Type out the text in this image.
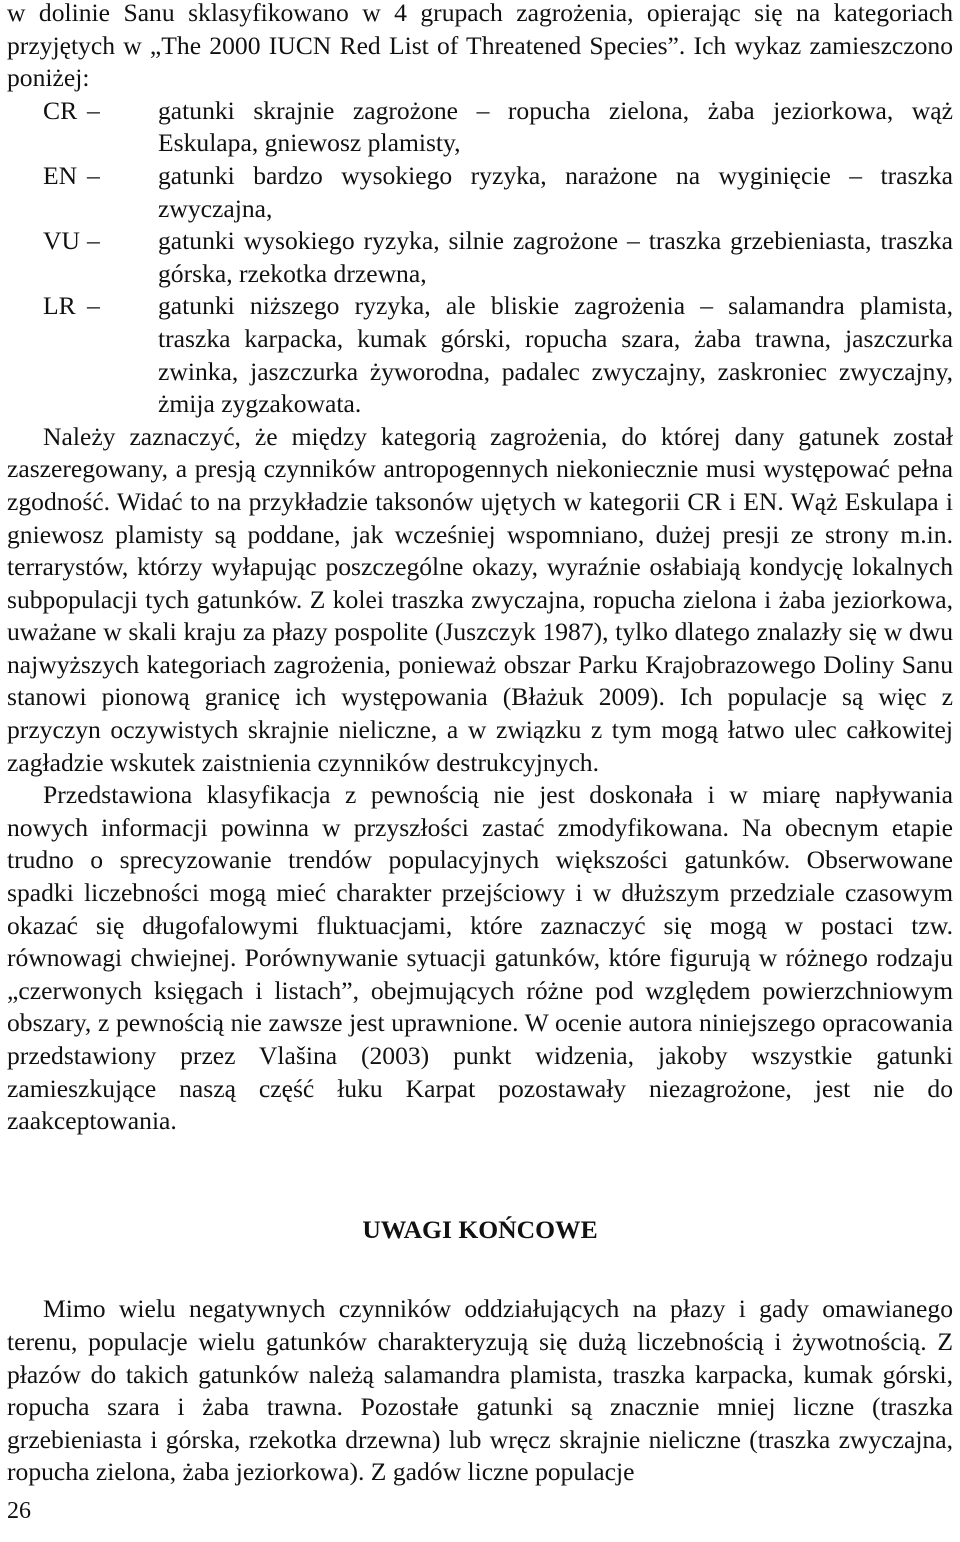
w dolinie Sanu sklasyfikowano w 4 grupach zagrożenia, opierając się na kategoriach przyjętych w „The 2000 IUCN Red List of Threatened Species”. Ich wykaz zamieszczono poniżej:

CR –	gatunki skrajnie zagrożone – ropucha zielona, żaba jeziorkowa, wąż Eskulapa, gniewosz plamisty,
EN –	gatunki bardzo wysokiego ryzyka, narażone na wyginięcie – traszka zwyczajna,
VU –	gatunki wysokiego ryzyka, silnie zagrożone – traszka grzebieniasta, traszka górska, rzekotka drzewna,
LR –	gatunki niższego ryzyka, ale bliskie zagrożenia – salamandra plamista, traszka karpacka, kumak górski, ropucha szara, żaba trawna, jaszczurka zwinka, jaszczurka żyworodna, padalec zwyczajny, zaskroniec zwyczajny, żmija zygzakowata.

Należy zaznaczyć, że między kategorią zagrożenia, do której dany gatunek został zaszeregowany, a presją czynników antropogennych niekoniecznie musi występować pełna zgodność. Widać to na przykładzie taksonów ujętych w kategorii CR i EN. Wąż Eskulapa i gniewosz plamisty są poddane, jak wcześniej wspomniano, dużej presji ze strony m.in. terrarystów, którzy wyłapując poszczególne okazy, wyraźnie osłabiają kondycję lokalnych subpopulacji tych gatunków. Z kolei traszka zwyczajna, ropucha zielona i żaba jeziorkowa, uważane w skali kraju za płazy pospolite (Juszczyk 1987), tylko dlatego znalazły się w dwu najwyższych kategoriach zagrożenia, ponieważ obszar Parku Krajobrazowego Doliny Sanu stanowi pionową granicę ich występowania (Błażuk 2009). Ich populacje są więc z przyczyn oczywistych skrajnie nieliczne, a w związku z tym mogą łatwo ulec całkowitej zagładzie wskutek zaistnienia czynników destrukcyjnych.

Przedstawiona klasyfikacja z pewnością nie jest doskonała i w miarę napływania nowych informacji powinna w przyszłości zastać zmodyfikowana. Na obecnym etapie trudno o sprecyzowanie trendów populacyjnych większości gatunków. Obserwowane spadki liczebności mogą mieć charakter przejściowy i w dłuższym przedziale czasowym okazać się długofalowymi fluktuacjami, które zaznaczyć się mogą w postaci tzw. równowagi chwiejnej. Porównywanie sytuacji gatunków, które figurują w różnego rodzaju „czerwonych księgach i listach”, obejmujących różne pod względem powierzchniowym obszary, z pewnością nie zawsze jest uprawnione. W ocenie autora niniejszego opracowania przedstawiony przez Vlašina (2003) punkt widzenia, jakoby wszystkie gatunki zamieszkujące naszą część łuku Karpat pozostawały niezagrożone, jest nie do zaakceptowania.

UWAGI KOŃCOWE

Mimo wielu negatywnych czynników oddziałujących na płazy i gady omawianego terenu, populacje wielu gatunków charakteryzują się dużą liczebnością i żywotnością. Z płazów do takich gatunków należą salamandra plamista, traszka karpacka, kumak górski, ropucha szara i żaba trawna. Pozostałe gatunki są znacznie mniej liczne (traszka grzebieniasta i górska, rzekotka drzewna) lub wręcz skrajnie nieliczne (traszka zwyczajna, ropucha zielona, żaba jeziorkowa). Z gadów liczne populacje

26
